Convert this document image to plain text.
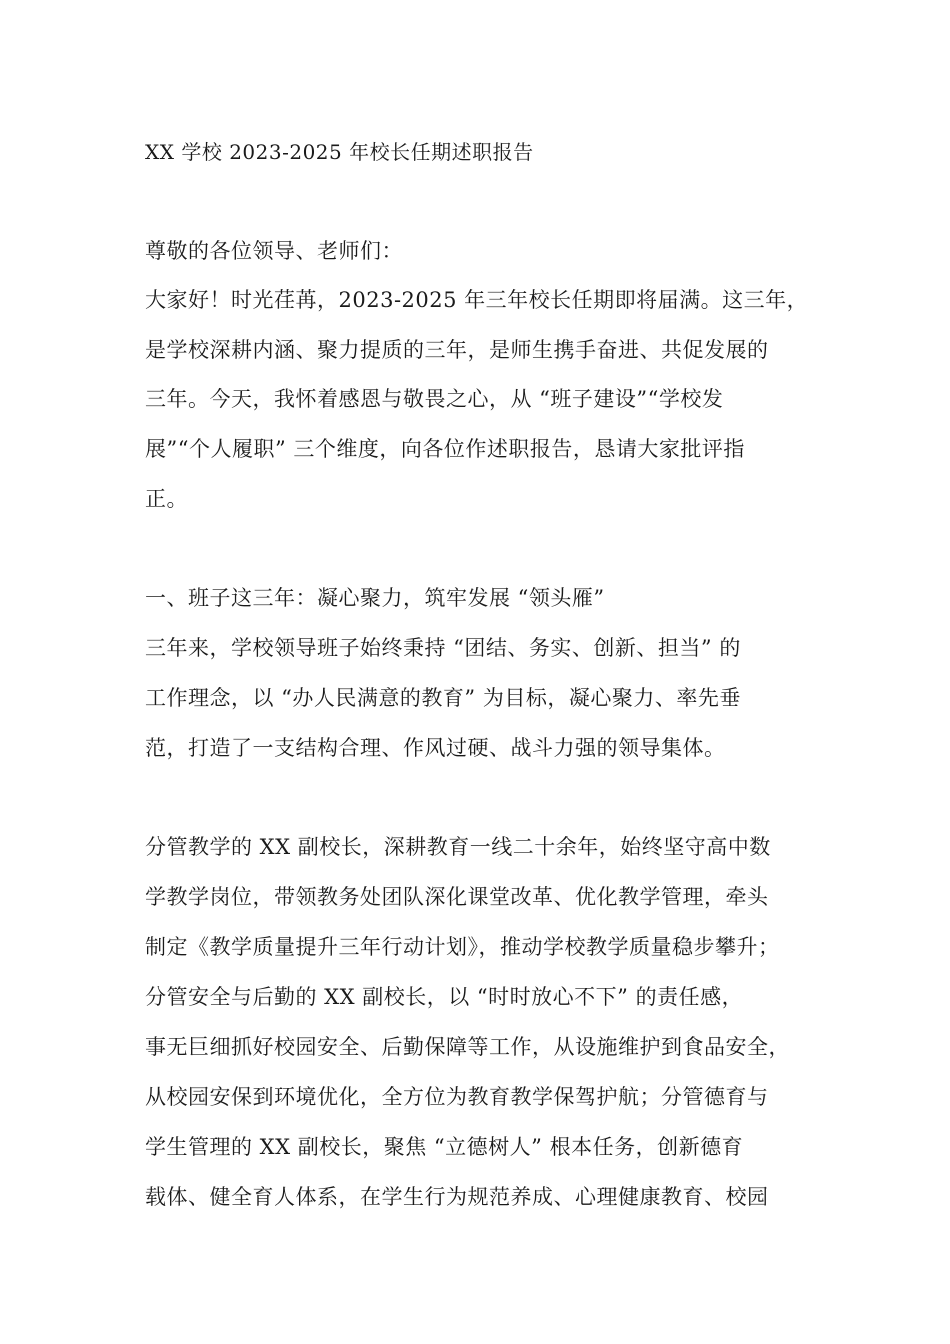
XX 学校 2023-2025 年校长任期述职报告
尊敬的各位领导、老师们：
大家好！时光荏苒，2023-2025 年三年校长任期即将届满。这三年，
是学校深耕内涵、聚力提质的三年，是师生携手奋进、共促发展的
三年。今天，我怀着感恩与敬畏之心，从 “班子建设”“学校发
展”“个人履职” 三个维度，向各位作述职报告，恳请大家批评指
正。
一、班子这三年：凝心聚力，筑牢发展 “领头雁”
三年来，学校领导班子始终秉持 “团结、务实、创新、担当” 的
工作理念，以 “办人民满意的教育” 为目标，凝心聚力、率先垂
范，打造了一支结构合理、作风过硬、战斗力强的领导集体。
分管教学的 XX 副校长，深耕教育一线二十余年，始终坚守高中数
学教学岗位，带领教务处团队深化课堂改革、优化教学管理，牵头
制定《教学质量提升三年行动计划》，推动学校教学质量稳步攀升；
分管安全与后勤的 XX 副校长，以 “时时放心不下” 的责任感，
事无巨细抓好校园安全、后勤保障等工作，从设施维护到食品安全，
从校园安保到环境优化，全方位为教育教学保驾护航；分管德育与
学生管理的 XX 副校长，聚焦 “立德树人” 根本任务，创新德育
载体、健全育人体系，在学生行为规范养成、心理健康教育、校园
